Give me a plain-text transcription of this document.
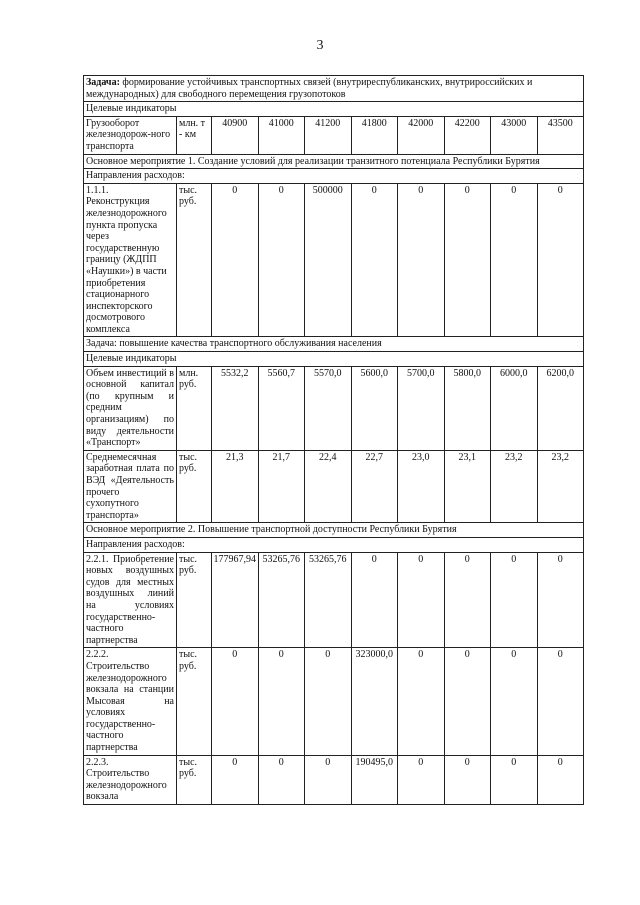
3
Задача: формирование устойчивых транспортных связей (внутриреспубликанских, внутрироссийских и международных) для свободного перемещения грузопотоков									
Целевые индикаторы									
Грузооборот железнодорож-ного транспорта	млн. т - км	40900	41000	41200	41800	42000	42200	43000	43500
Основное мероприятие 1. Создание условий для реализации транзитного потенциала Республики Бурятия									
Направления расходов:									
1.1.1. Реконструкция железнодорожного пункта пропуска через государственную границу (ЖДПП «Наушки») в части приобретения стационарного инспекторского досмотрового комплекса	тыс. руб.	0	0	500000	0	0	0	0	0
Задача: повышение качества транспортного обслуживания населения									
Целевые индикаторы									
Объем инвестиций в основной капитал (по крупным и средним организациям) по виду деятельности «Транспорт»	млн. руб.	5532,2	5560,7	5570,0	5600,0	5700,0	5800,0	6000,0	6200,0
Среднемесячная заработная плата по ВЭД «Деятельность прочего сухопутного транспорта»	тыс. руб.	21,3	21,7	22,4	22,7	23,0	23,1	23,2	23,2
Основное мероприятие 2. Повышение транспортной доступности Республики Бурятия									
Направления расходов:									
2.2.1. Приобретение новых воздушных судов для местных воздушных линий на условиях государственно-частного партнерства	тыс. руб.	177967,94	53265,76	53265,76	0	0	0	0	0
2.2.2. Строительство железнодорожного вокзала на станции Мысовая на условиях государственно-частного партнерства	тыс. руб.	0	0	0	323000,0	0	0	0	0
2.2.3. Строительство железнодорожного вокзала	тыс. руб.	0	0	0	190495,0	0	0	0	0
